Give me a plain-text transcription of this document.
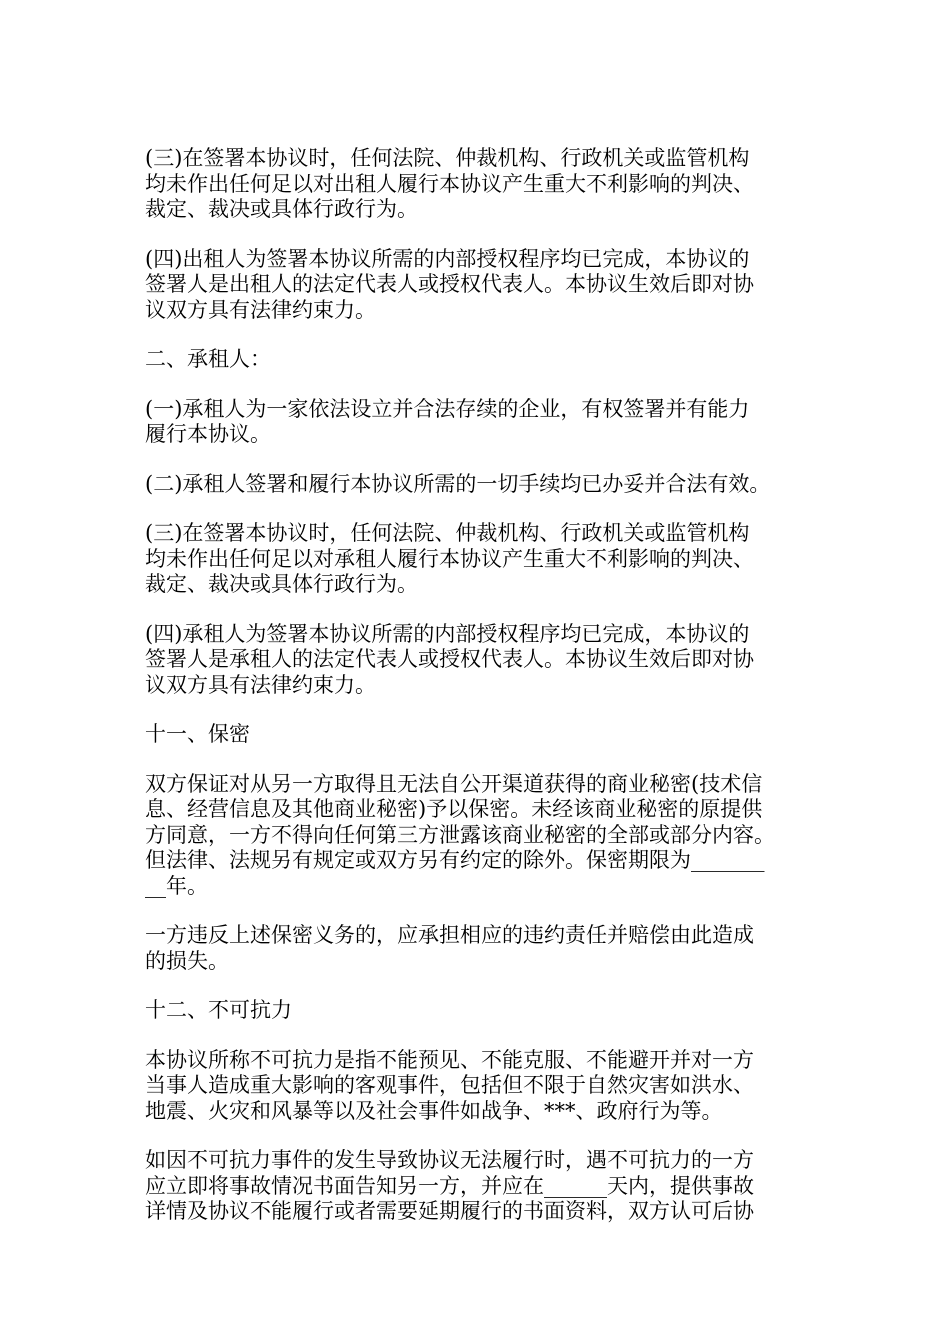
(三)在签署本协议时，任何法院、仲裁机构、行政机关或监管机构
均未作出任何足以对出租人履行本协议产生重大不利影响的判决、
裁定、裁决或具体行政行为。

(四)出租人为签署本协议所需的内部授权程序均已完成，本协议的
签署人是出租人的法定代表人或授权代表人。本协议生效后即对协
议双方具有法律约束力。

二、承租人：

(一)承租人为一家依法设立并合法存续的企业，有权签署并有能力
履行本协议。

(二)承租人签署和履行本协议所需的一切手续均已办妥并合法有效。

(三)在签署本协议时，任何法院、仲裁机构、行政机关或监管机构
均未作出任何足以对承租人履行本协议产生重大不利影响的判决、
裁定、裁决或具体行政行为。

(四)承租人为签署本协议所需的内部授权程序均已完成，本协议的
签署人是承租人的法定代表人或授权代表人。本协议生效后即对协
议双方具有法律约束力。

十一、保密

双方保证对从另一方取得且无法自公开渠道获得的商业秘密(技术信
息、经营信息及其他商业秘密)予以保密。未经该商业秘密的原提供
方同意，一方不得向任何第三方泄露该商业秘密的全部或部分内容。
但法律、法规另有规定或双方另有约定的除外。保密期限为_______
__年。

一方违反上述保密义务的，应承担相应的违约责任并赔偿由此造成
的损失。

十二、不可抗力

本协议所称不可抗力是指不能预见、不能克服、不能避开并对一方
当事人造成重大影响的客观事件，包括但不限于自然灾害如洪水、
地震、火灾和风暴等以及社会事件如战争、***、政府行为等。

如因不可抗力事件的发生导致协议无法履行时，遇不可抗力的一方
应立即将事故情况书面告知另一方，并应在______天内，提供事故
详情及协议不能履行或者需要延期履行的书面资料，双方认可后协
